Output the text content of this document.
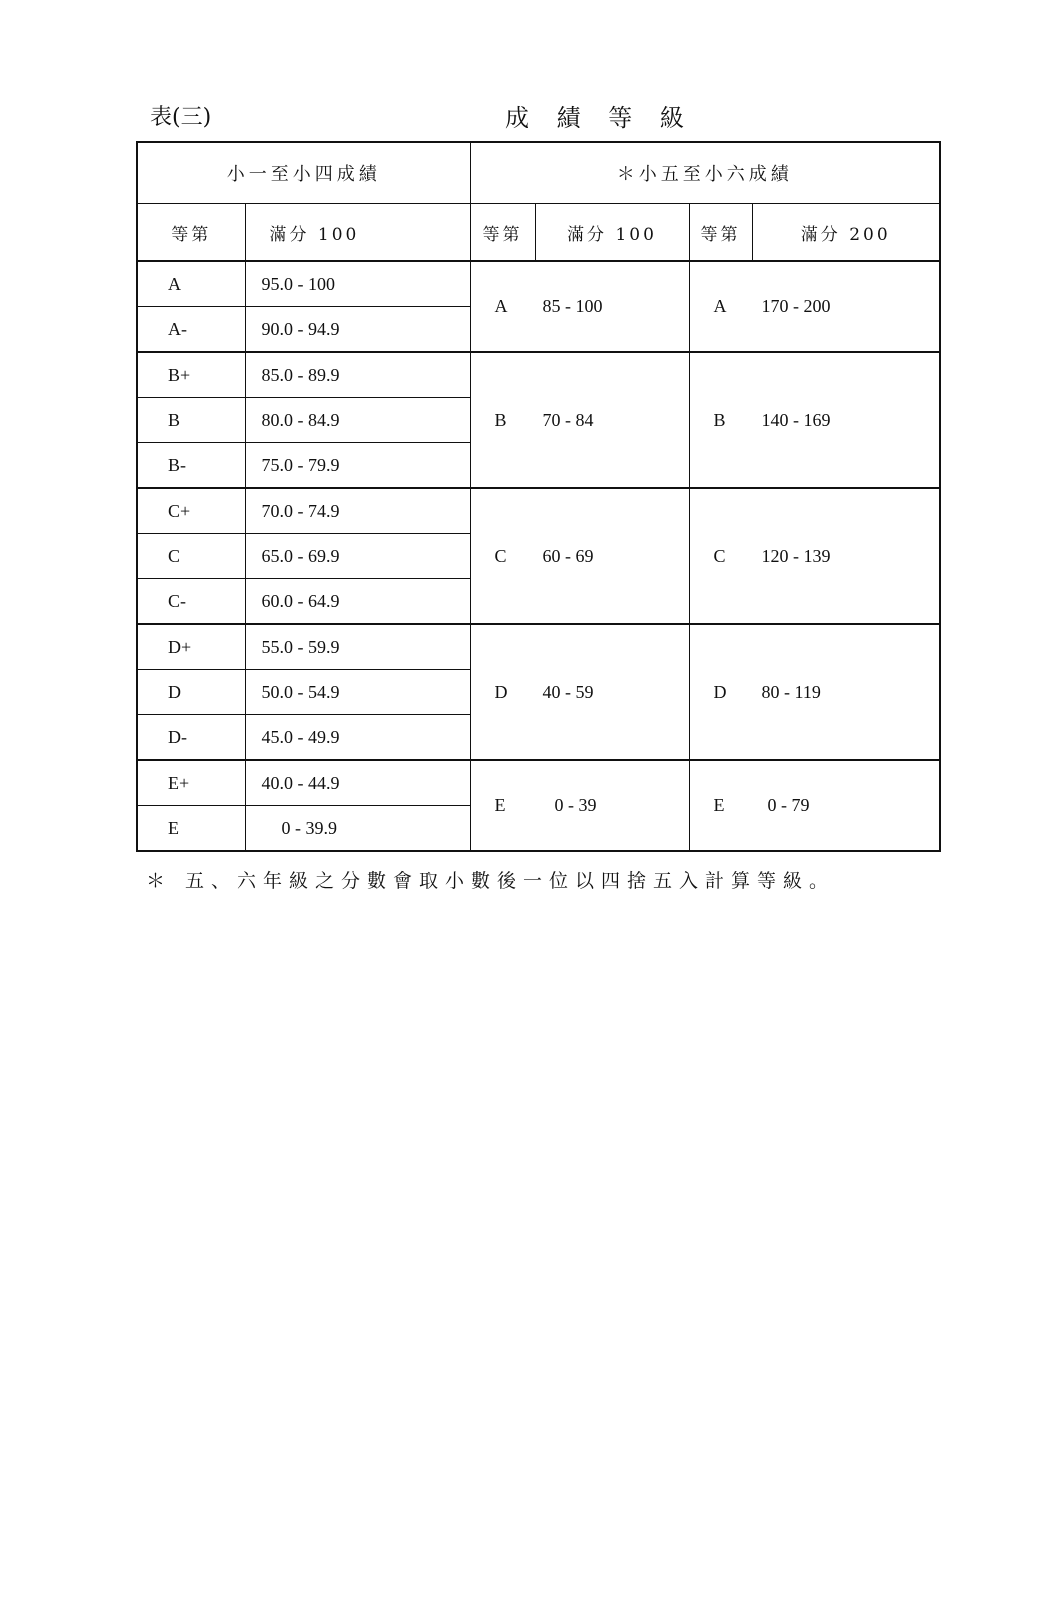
表(三)	成 績 等 級
小一至小四成績		＊小五至小六成績			
等第	滿分 100	等第	滿分 100	等第	滿分 200
A	95.0 - 100	A 85 - 100		A 170 - 200	
A-	90.0 - 94.9				
B+	85.0 - 89.9	B 70 - 84		B 140 - 169	
B	80.0 - 84.9				
B-	75.0 - 79.9				
C+	70.0 - 74.9	C 60 - 69		C 120 - 139	
C	65.0 - 69.9				
C-	60.0 - 64.9				
D+	55.0 - 59.9	D 40 - 59		D 80 - 119	
D	50.0 - 54.9				
D-	45.0 - 49.9				
E+	40.0 - 44.9	E 0 - 39		E 0 - 79	
E	0 - 39.9				
＊ 五、六年級之分數會取小數後一位以四捨五入計算等級。
